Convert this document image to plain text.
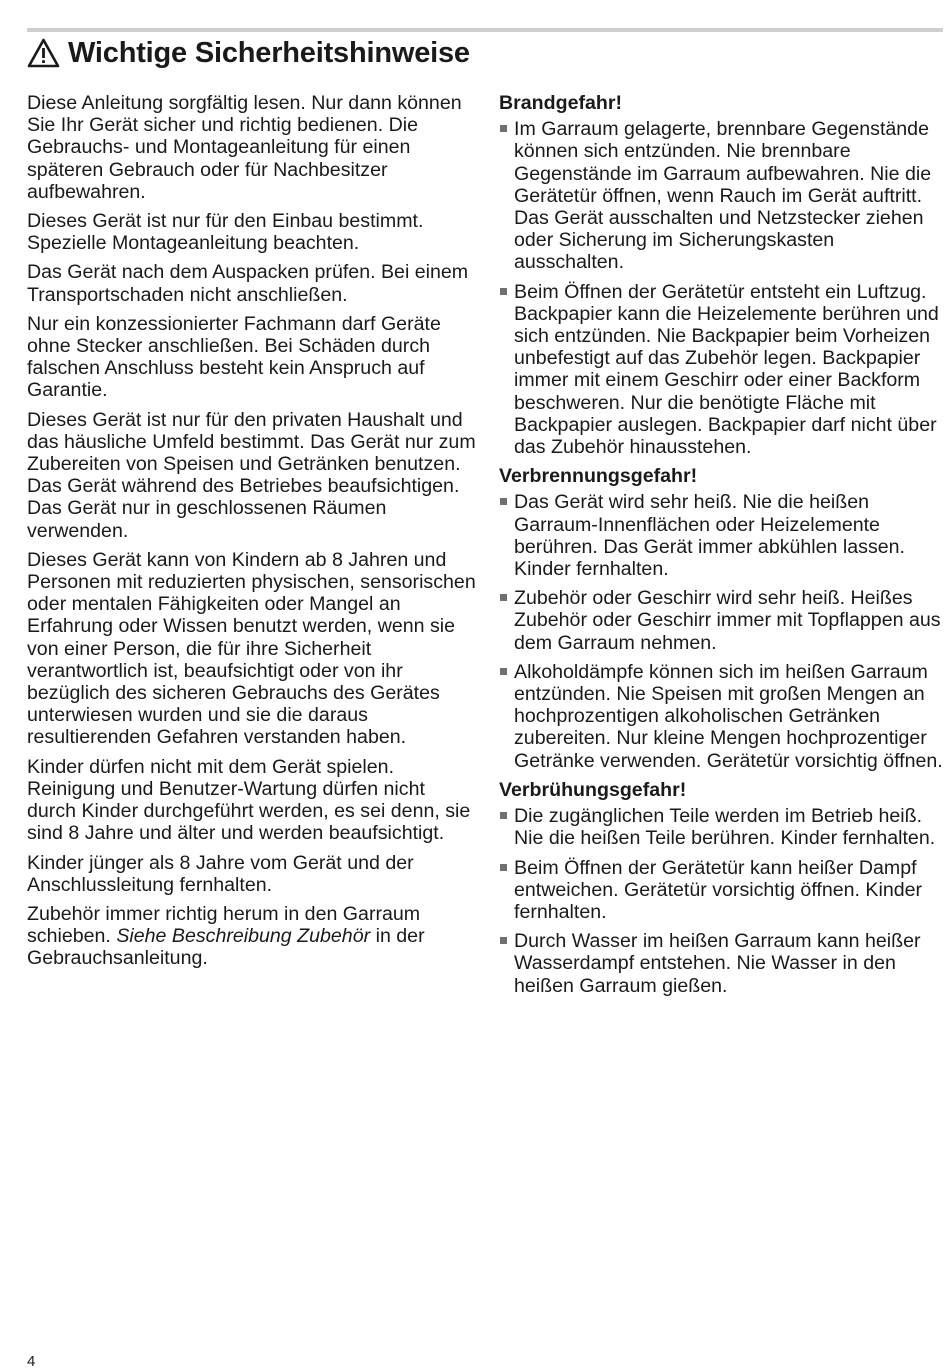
Wichtige Sicherheitshinweise

Diese Anleitung sorgfältig lesen. Nur dann können Sie Ihr Gerät sicher und richtig bedienen. Die Gebrauchs- und Montageanleitung für einen späteren Gebrauch oder für Nachbesitzer aufbewahren.

Dieses Gerät ist nur für den Einbau bestimmt. Spezielle Montageanleitung beachten.

Das Gerät nach dem Auspacken prüfen. Bei einem Transportschaden nicht anschließen.

Nur ein konzessionierter Fachmann darf Geräte ohne Stecker anschließen. Bei Schäden durch falschen Anschluss besteht kein Anspruch auf Garantie.

Dieses Gerät ist nur für den privaten Haushalt und das häusliche Umfeld bestimmt. Das Gerät nur zum Zubereiten von Speisen und Getränken benutzen. Das Gerät während des Betriebes beaufsichtigen. Das Gerät nur in geschlossenen Räumen verwenden.

Dieses Gerät kann von Kindern ab 8 Jahren und Personen mit reduzierten physischen, sensorischen oder mentalen Fähigkeiten oder Mangel an Erfahrung oder Wissen benutzt werden, wenn sie von einer Person, die für ihre Sicherheit verantwortlich ist, beaufsichtigt oder von ihr bezüglich des sicheren Gebrauchs des Gerätes unterwiesen wurden und sie die daraus resultierenden Gefahren verstanden haben.

Kinder dürfen nicht mit dem Gerät spielen. Reinigung und Benutzer-Wartung dürfen nicht durch Kinder durchgeführt werden, es sei denn, sie sind 8 Jahre und älter und werden beaufsichtigt.

Kinder jünger als 8 Jahre vom Gerät und der Anschlussleitung fernhalten.

Zubehör immer richtig herum in den Garraum schieben. Siehe Beschreibung Zubehör in der Gebrauchsanleitung.

Brandgefahr!
Im Garraum gelagerte, brennbare Gegenstände können sich entzünden. Nie brennbare Gegenstände im Garraum aufbewahren. Nie die Gerätetür öffnen, wenn Rauch im Gerät auftritt. Das Gerät ausschalten und Netzstecker ziehen oder Sicherung im Sicherungskasten ausschalten.
Beim Öffnen der Gerätetür entsteht ein Luftzug. Backpapier kann die Heizelemente berühren und sich entzünden. Nie Backpapier beim Vorheizen unbefestigt auf das Zubehör legen. Backpapier immer mit einem Geschirr oder einer Backform beschweren. Nur die benötigte Fläche mit Backpapier auslegen. Backpapier darf nicht über das Zubehör hinausstehen.
Verbrennungsgefahr!
Das Gerät wird sehr heiß. Nie die heißen Garraum-Innenflächen oder Heizelemente berühren. Das Gerät immer abkühlen lassen. Kinder fernhalten.
Zubehör oder Geschirr wird sehr heiß. Heißes Zubehör oder Geschirr immer mit Topflappen aus dem Garraum nehmen.
Alkoholdämpfe können sich im heißen Garraum entzünden. Nie Speisen mit großen Mengen an hochprozentigen alkoholischen Getränken zubereiten. Nur kleine Mengen hochprozentiger Getränke verwenden. Gerätetür vorsichtig öffnen.
Verbrühungsgefahr!
Die zugänglichen Teile werden im Betrieb heiß. Nie die heißen Teile berühren. Kinder fernhalten.
Beim Öffnen der Gerätetür kann heißer Dampf entweichen. Gerätetür vorsichtig öffnen. Kinder fernhalten.
Durch Wasser im heißen Garraum kann heißer Wasserdampf entstehen. Nie Wasser in den heißen Garraum gießen.
4
